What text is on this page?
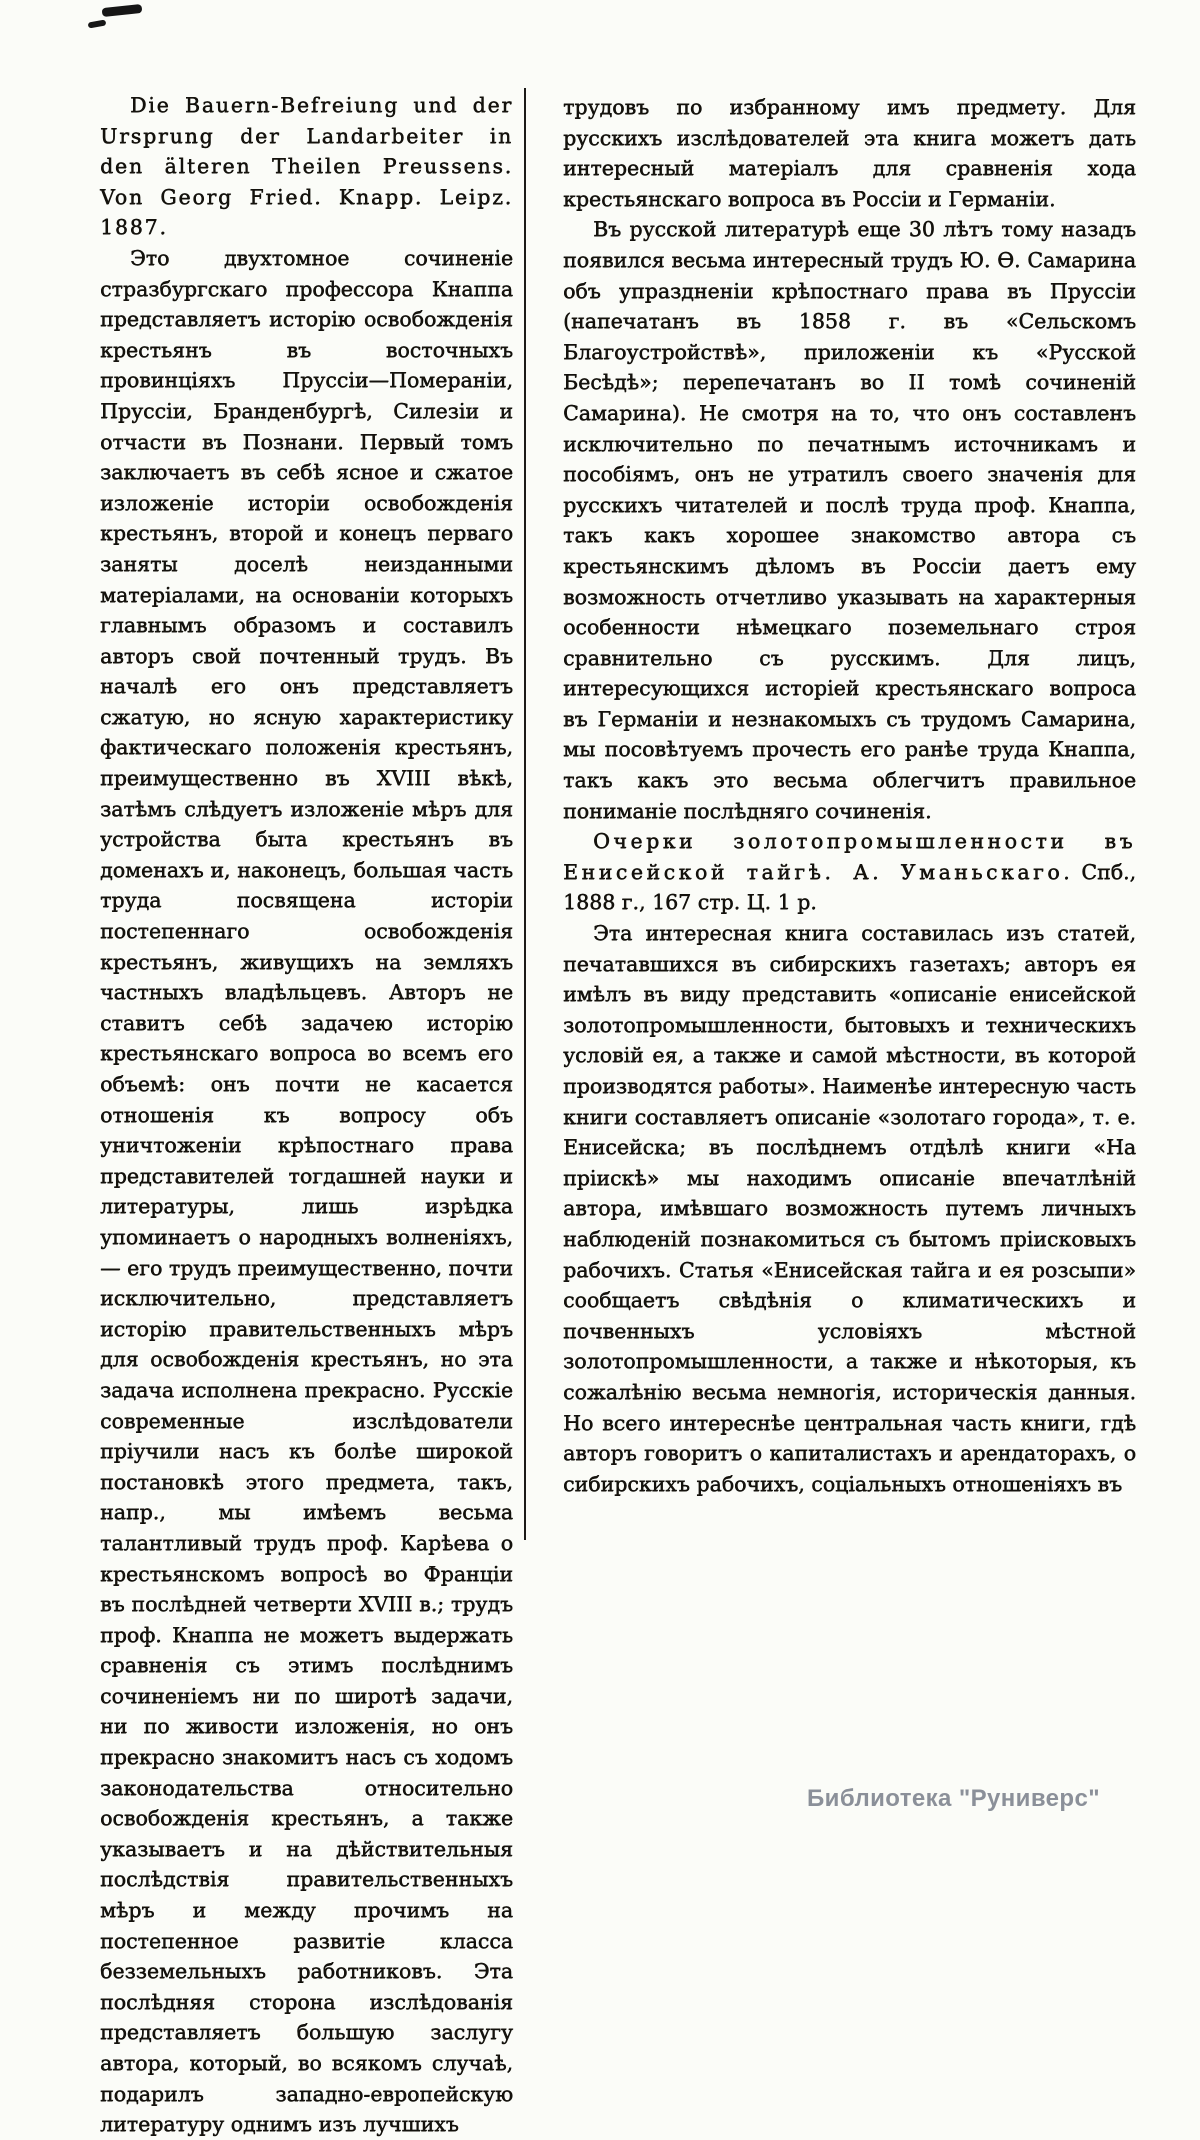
Die Bauern-Befreiung und der Ursprung der Landarbeiter in den älteren Theilen Preussens. Von Georg Fried. Knapp. Leipz. 1887.

Это двухтомное сочиненіе стразбургскаго профессора Кнаппа представляетъ исторію освобожденія крестьянъ въ восточныхъ провинціяхъ Пруссіи—Помераніи, Пруссіи, Бранденбургѣ, Силезіи и отчасти въ Познани. Первый томъ заключаетъ въ себѣ ясное и сжатое изложеніе исторіи освобожденія крестьянъ, второй и конецъ перваго заняты доселѣ неизданными матеріалами, на основаніи которыхъ главнымъ образомъ и составилъ авторъ свой почтенный трудъ. Въ началѣ его онъ представляетъ сжатую, но ясную характеристику фактическаго положенія крестьянъ, преимущественно въ XVIII вѣкѣ, затѣмъ слѣдуетъ изложеніе мѣръ для устройства быта крестьянъ въ доменахъ и, наконецъ, большая часть труда посвящена исторіи постепеннаго освобожденія крестьянъ, живущихъ на земляхъ частныхъ владѣльцевъ. Авторъ не ставитъ себѣ задачею исторію крестьянскаго вопроса во всемъ его объемѣ: онъ почти не касается отношенія къ вопросу объ уничтоженіи крѣпостнаго права представителей тогдашней науки и литературы, лишь изрѣдка упоминаетъ о народныхъ волненіяхъ, — его трудъ преимущественно, почти исключительно, представляетъ исторію правительственныхъ мѣръ для освобожденія крестьянъ, но эта задача исполнена прекрасно. Русскіе современные изслѣдователи пріучили насъ къ болѣе широкой постановкѣ этого предмета, такъ, напр., мы имѣемъ весьма талантливый трудъ проф. Карѣева о крестьянскомъ вопросѣ во Франціи въ послѣдней четверти XVIII в.; трудъ проф. Кнаппа не можетъ выдержать сравненія съ этимъ послѣднимъ сочиненіемъ ни по широтѣ задачи, ни по живости изложенія, но онъ прекрасно знакомитъ насъ съ ходомъ законодательства относительно освобожденія крестьянъ, а также указываетъ и на дѣйствительныя послѣдствія правительственныхъ мѣръ и между прочимъ на постепенное развитіе класса безземельныхъ работниковъ. Эта послѣдняя сторона изслѣдованія представляетъ большую заслугу автора, который, во всякомъ случаѣ, подарилъ западно-европейскую литературу однимъ изъ лучшихъ

трудовъ по избранному имъ предмету. Для русскихъ изслѣдователей эта книга можетъ дать интересный матеріалъ для сравненія хода крестьянскаго вопроса въ Россіи и Германіи.

Въ русской литературѣ еще 30 лѣтъ тому назадъ появился весьма интересный трудъ Ю. Ѳ. Самарина объ упраздненіи крѣпостнаго права въ Пруссіи (напечатанъ въ 1858 г. въ «Сельскомъ Благоустройствѣ», приложеніи къ «Русской Бесѣдѣ»; перепечатанъ во II томѣ сочиненій Самарина). Не смотря на то, что онъ составленъ исключительно по печатнымъ источникамъ и пособіямъ, онъ не утратилъ своего значенія для русскихъ читателей и послѣ труда проф. Кнаппа, такъ какъ хорошее знакомство автора съ крестьянскимъ дѣломъ въ Россіи даетъ ему возможность отчетливо указывать на характерныя особенности нѣмецкаго поземельнаго строя сравнительно съ русскимъ. Для лицъ, интересующихся исторіей крестьянскаго вопроса въ Германіи и незнакомыхъ съ трудомъ Самарина, мы посовѣтуемъ прочесть его ранѣе труда Кнаппа, такъ какъ это весьма облегчитъ правильное пониманіе послѣдняго сочиненія.

Очерки золотопромышленности въ Енисейской тайгѣ. А. Уманьскаго. Спб., 1888 г., 167 стр. Ц. 1 р.

Эта интересная книга составилась изъ статей, печатавшихся въ сибирскихъ газетахъ; авторъ ея имѣлъ въ виду представить «описаніе енисейской золотопромышленности, бытовыхъ и техническихъ условій ея, а также и самой мѣстности, въ которой производятся работы». Наименѣе интересную часть книги составляетъ описаніе «золотаго города», т. е. Енисейска; въ послѣднемъ отдѣлѣ книги «На пріискѣ» мы находимъ описаніе впечатлѣній автора, имѣвшаго возможность путемъ личныхъ наблюденій познакомиться съ бытомъ пріисковыхъ рабочихъ. Статья «Енисейская тайга и ея розсыпи» сообщаетъ свѣдѣнія о климатическихъ и почвенныхъ условіяхъ мѣстной золотопромышленности, а также и нѣкоторыя, къ сожалѣнію весьма немногія, историческія данныя. Но всего интереснѣе центральная часть книги, гдѣ авторъ говоритъ о капиталистахъ и арендаторахъ, о сибирскихъ рабочихъ, соціальныхъ отношеніяхъ въ

Библиотека "Руниверс"
